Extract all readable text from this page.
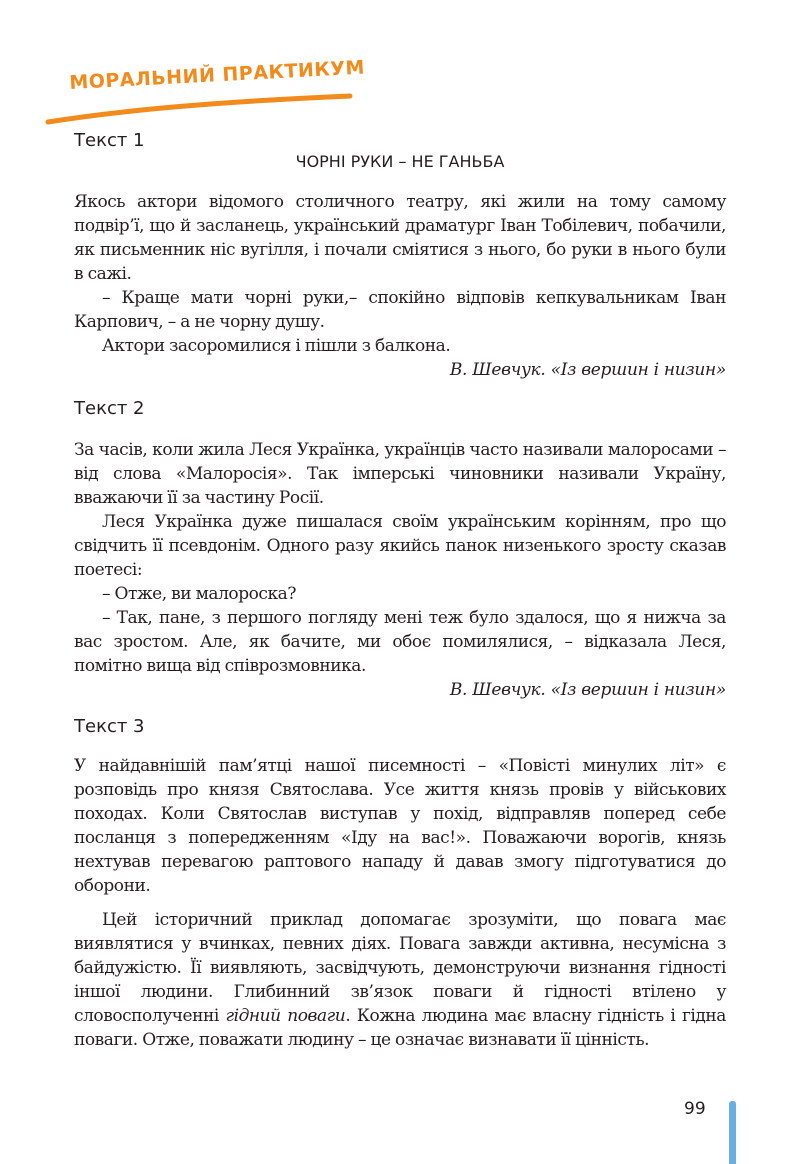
МОРАЛЬНИЙ ПРАКТИКУМ
Текст 1
ЧОРНІ РУКИ – НЕ ГАНЬБА

Якось актори відомого столичного театру, які жили на тому самому подвір’ї, що й засланець, український драматург Іван Тобілевич, побачили, як письменник ніс вугілля, і почали сміятися з нього, бо руки в нього були в сажі.

– Краще мати чорні руки,– спокійно відповів кепкувальникам Іван Карпович, – а не чорну душу.

Актори засоромилися і пішли з балкона.

В. Шевчук. «Із вершин і низин»

Текст 2

За часів, коли жила Леся Українка, українців часто називали малоросами – від слова «Малоросія». Так імперські чиновники називали Україну, вважаючи її за частину Росії.

Леся Українка дуже пишалася своїм українським корінням, про що свідчить її псевдонім. Одного разу якийсь панок низенького зросту сказав поетесі:

– Отже, ви малороска?

– Так, пане, з першого погляду мені теж було здалося, що я нижча за вас зростом. Але, як бачите, ми обоє помилялися, – відказала Леся, помітно вища від співрозмовника.

В. Шевчук. «Із вершин і низин»

Текст 3

У найдавнішій пам’ятці нашої писемності – «Повісті минулих літ» є розповідь про князя Святослава. Усе життя князь провів у військових походах. Коли Святослав виступав у похід, відправляв поперед себе посланця з попередженням «Іду на вас!». Поважаючи ворогів, князь нехтував перевагою раптового нападу й давав змогу підготуватися до оборони.

Цей історичний приклад допомагає зрозуміти, що повага має виявлятися у вчинках, певних діях. Повага завжди активна, несумісна з байдужістю. Її виявляють, засвідчують, демонструючи визнання гідності іншої людини. Глибинний зв’язок поваги й гідності втілено у словосполученні гідний поваги. Кожна людина має власну гідність і гідна поваги. Отже, поважати людину – це означає визнавати її цінність.

99
